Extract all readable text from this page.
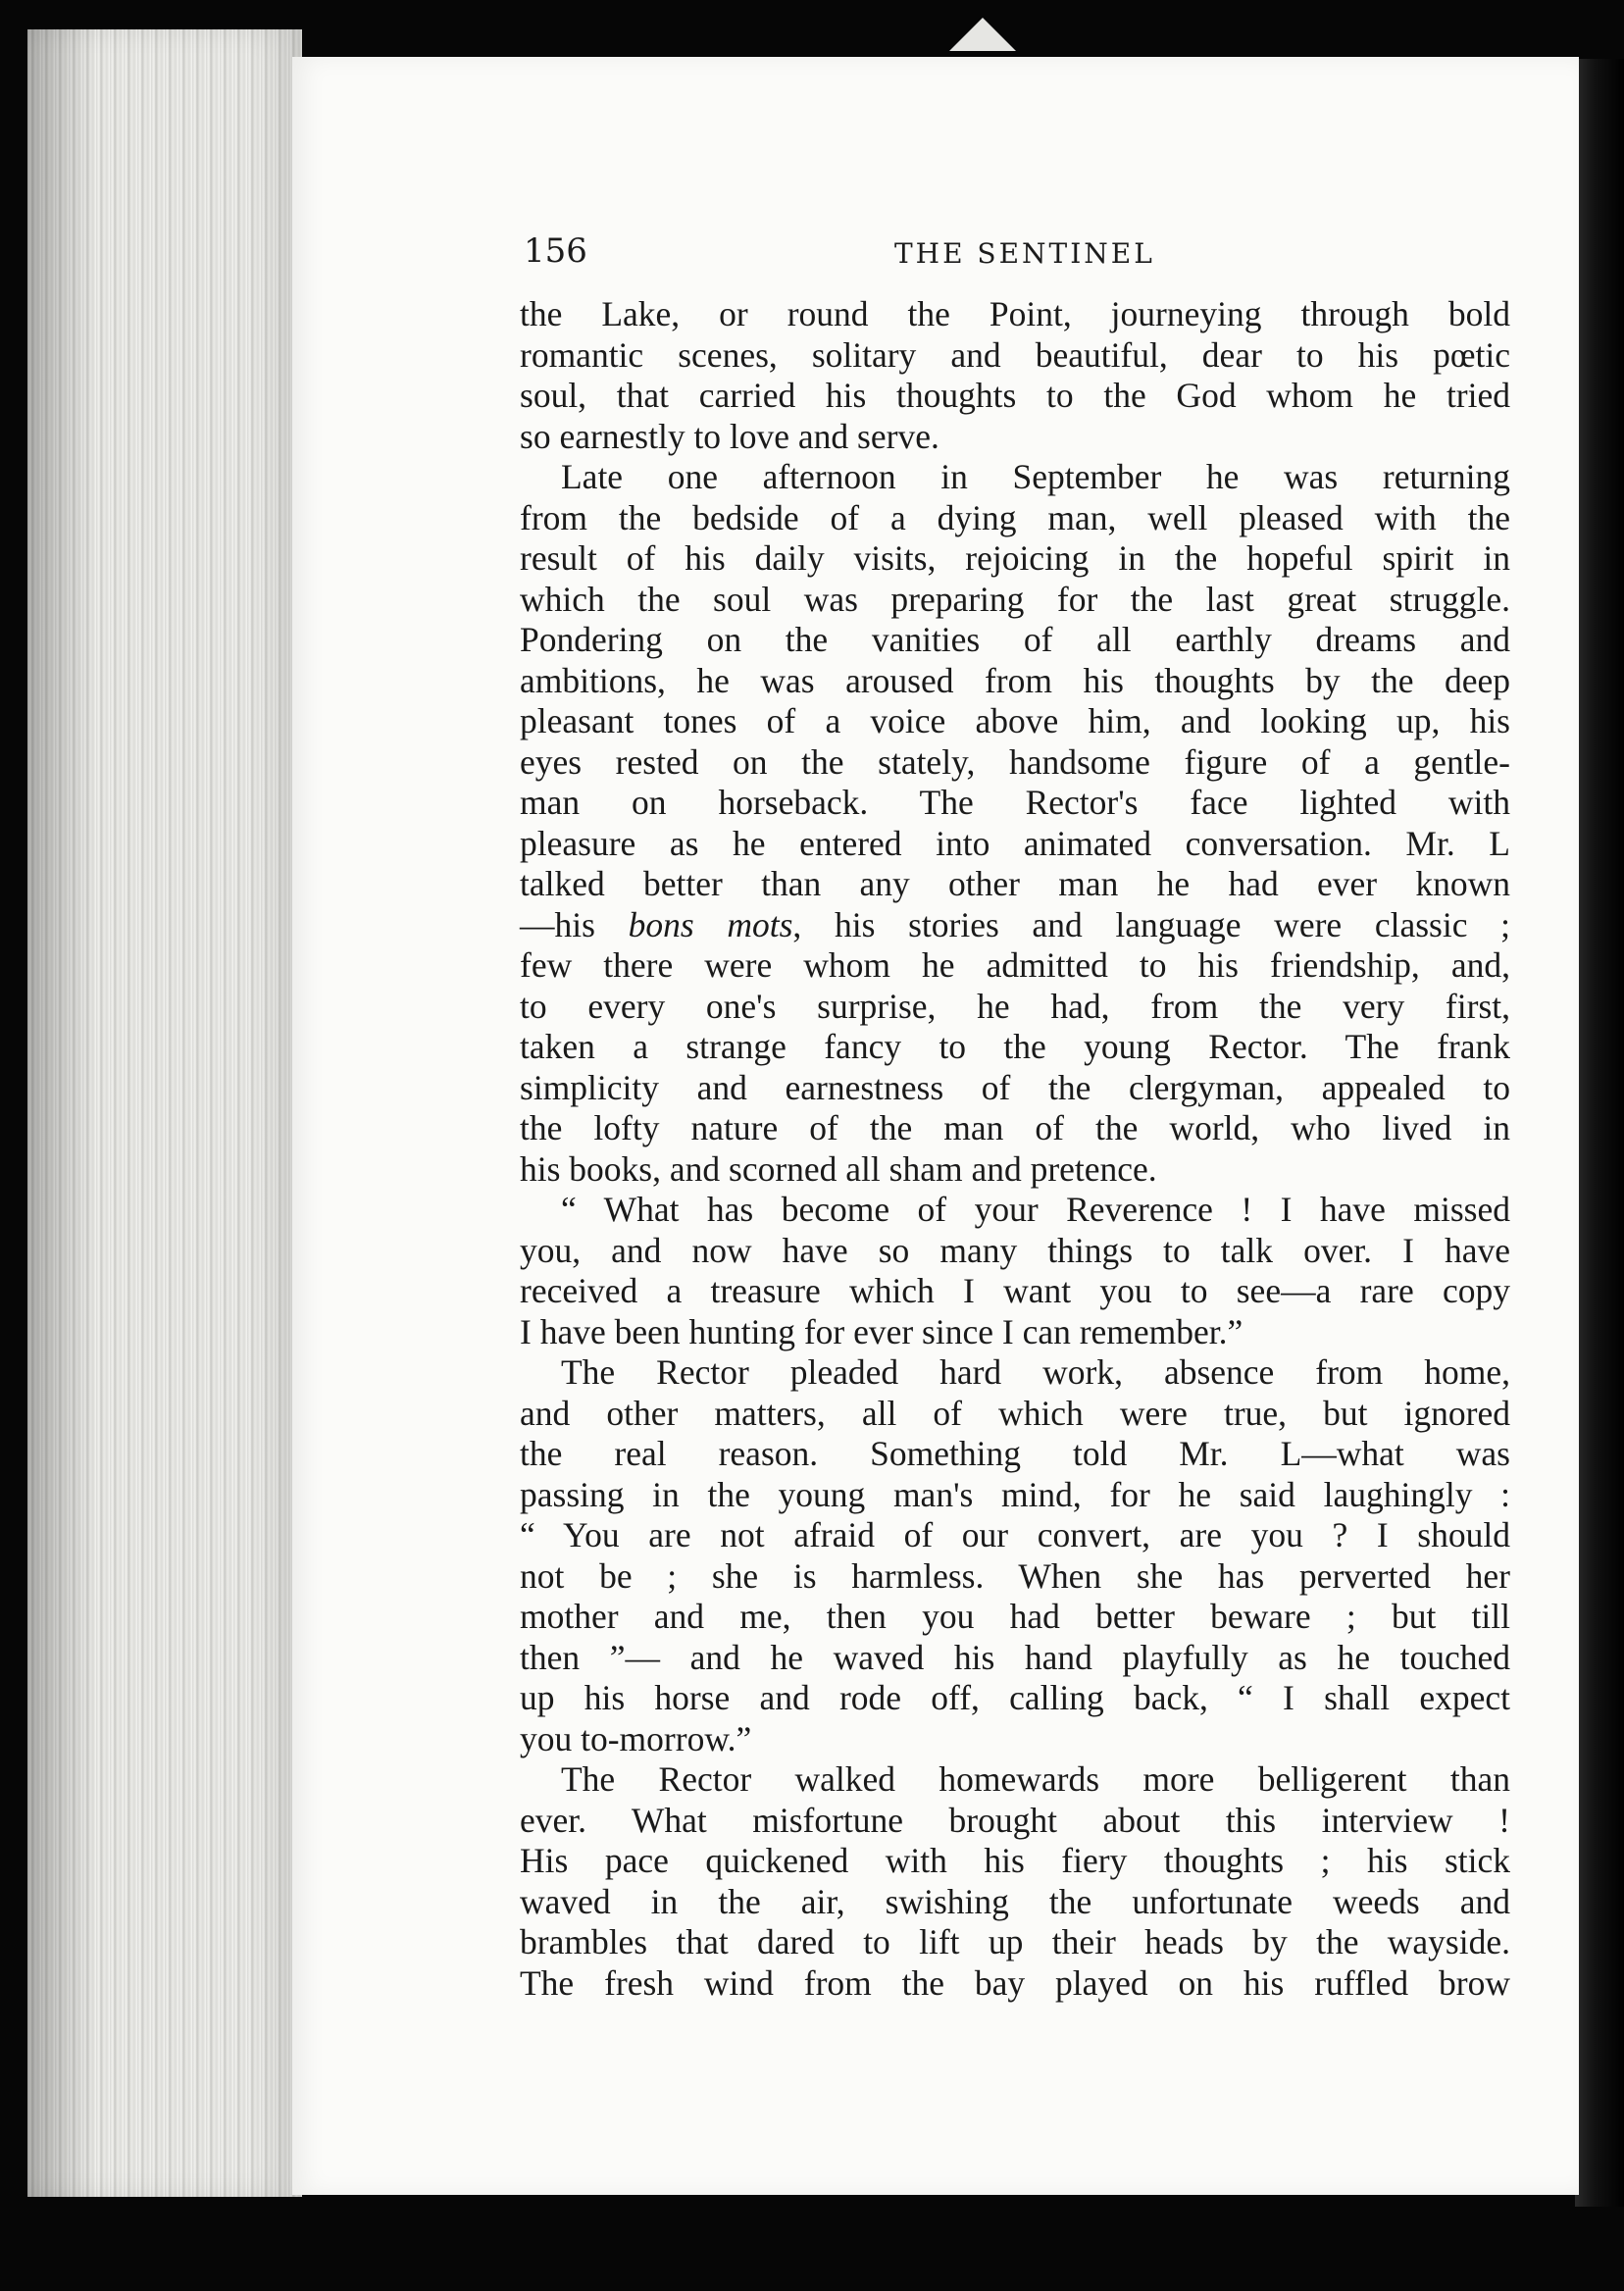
156	THE SENTINEL
the Lake, or round the Point, journeying through bold
romantic scenes, solitary and beautiful, dear to his pœtic
soul, that carried his thoughts to the God whom he tried
so earnestly to love and serve.
Late one afternoon in September he was returning
from the bedside of a dying man, well pleased with the
result of his daily visits, rejoicing in the hopeful spirit in
which the soul was preparing for the last great struggle.
Pondering on the vanities of all earthly dreams and
ambitions, he was aroused from his thoughts by the deep
pleasant tones of a voice above him, and looking up, his
eyes rested on the stately, handsome figure of a gentle-
man on horseback. The Rector's face lighted with
pleasure as he entered into animated conversation. Mr. L
talked better than any other man he had ever known
—his bons mots, his stories and language were classic ;
few there were whom he admitted to his friendship, and,
to every one's surprise, he had, from the very first,
taken a strange fancy to the young Rector. The frank
simplicity and earnestness of the clergyman, appealed to
the lofty nature of the man of the world, who lived in
his books, and scorned all sham and pretence.
“ What has become of your Reverence ! I have missed
you, and now have so many things to talk over. I have
received a treasure which I want you to see—a rare copy
I have been hunting for ever since I can remember.”
The Rector pleaded hard work, absence from home,
and other matters, all of which were true, but ignored
the real reason. Something told Mr. L—what was
passing in the young man's mind, for he said laughingly :
“ You are not afraid of our convert, are you ? I should
not be ; she is harmless. When she has perverted her
mother and me, then you had better beware ; but till
then ”— and he waved his hand playfully as he touched
up his horse and rode off, calling back, “ I shall expect
you to-morrow.”
The Rector walked homewards more belligerent than
ever. What misfortune brought about this interview !
His pace quickened with his fiery thoughts ; his stick
waved in the air, swishing the unfortunate weeds and
brambles that dared to lift up their heads by the wayside.
The fresh wind from the bay played on his ruffled brow
